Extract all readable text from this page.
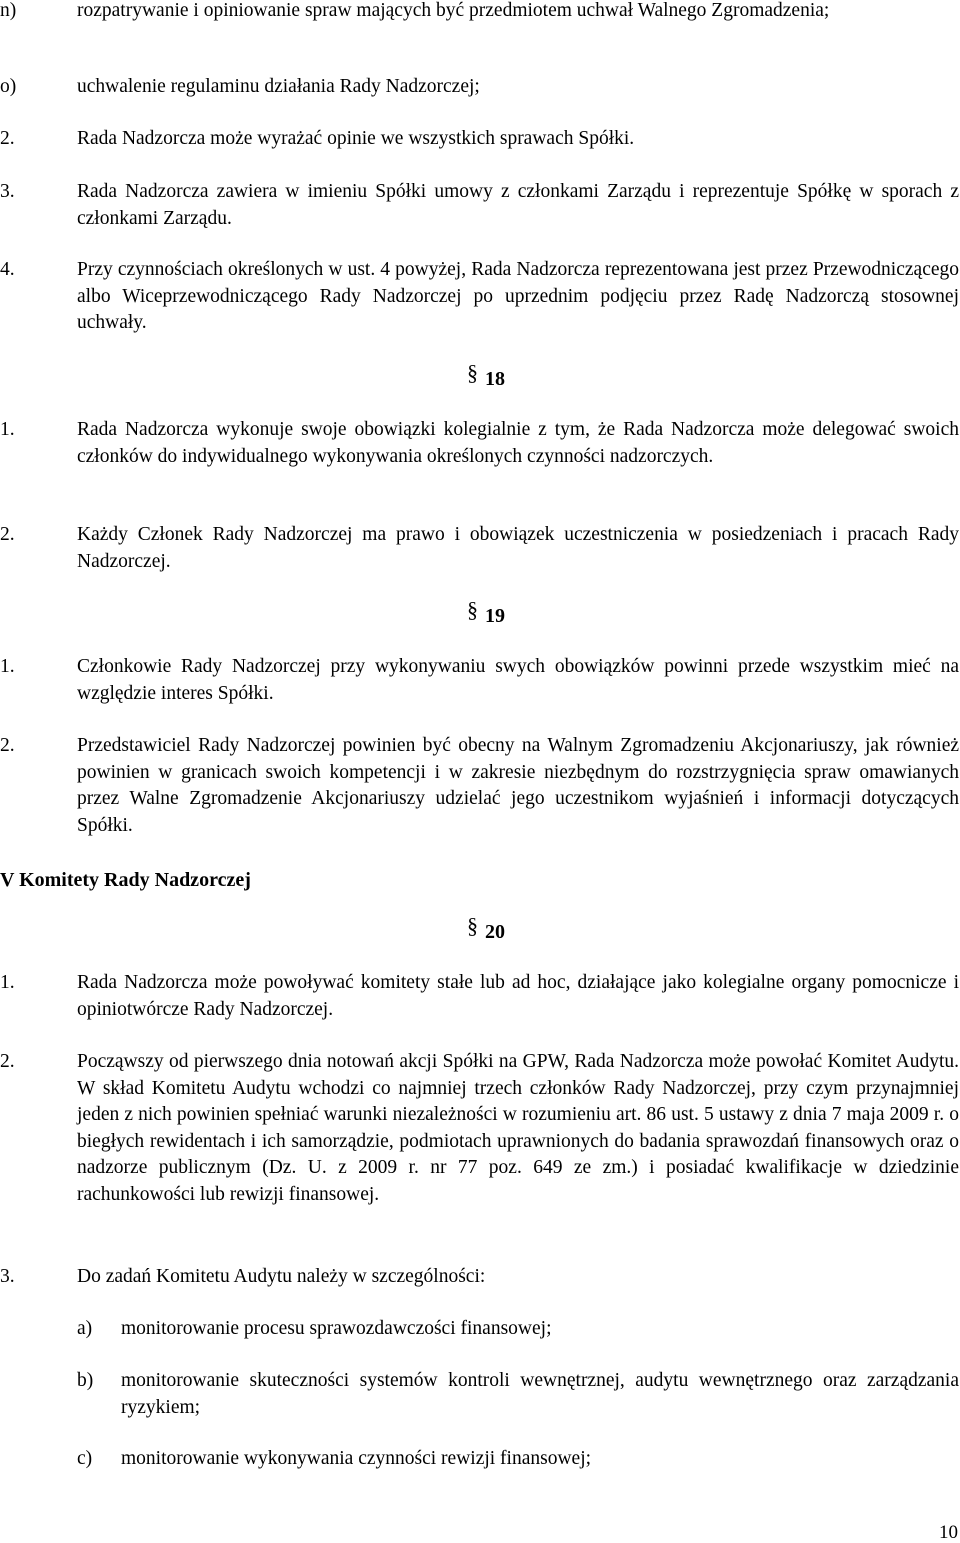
n)	rozpatrywanie i opiniowanie spraw mających być przedmiotem uchwał Walnego Zgromadzenia;
o)	uchwalenie regulaminu działania Rady Nadzorczej;
2.	Rada Nadzorcza może wyrażać opinie we wszystkich sprawach Spółki.
3.	Rada Nadzorcza zawiera w imieniu Spółki umowy z członkami Zarządu i reprezentuje Spółkę w sporach z członkami Zarządu.
4.	Przy czynnościach określonych w ust. 4 powyżej, Rada Nadzorcza reprezentowana jest przez Przewodniczącego albo Wiceprzewodniczącego Rady Nadzorczej po uprzednim podjęciu przez Radę Nadzorczą stosownej uchwały.
§ 18
1.	Rada Nadzorcza wykonuje swoje obowiązki kolegialnie z tym, że Rada Nadzorcza może delegować swoich członków do indywidualnego wykonywania określonych czynności nadzorczych.
2.	Każdy Członek Rady Nadzorczej ma prawo i obowiązek uczestniczenia w posiedzeniach i pracach Rady Nadzorczej.
§ 19
1.	Członkowie Rady Nadzorczej przy wykonywaniu swych obowiązków powinni przede wszystkim mieć na względzie interes Spółki.
2.	Przedstawiciel Rady Nadzorczej powinien być obecny na Walnym Zgromadzeniu Akcjonariuszy, jak również powinien w granicach swoich kompetencji i w zakresie niezbędnym do rozstrzygnięcia spraw omawianych przez Walne Zgromadzenie Akcjonariuszy udzielać jego uczestnikom wyjaśnień i informacji dotyczących Spółki.
V Komitety Rady Nadzorczej
§ 20
1.	Rada Nadzorcza może powoływać komitety stałe lub ad hoc, działające jako kolegialne organy pomocnicze i opiniotwórcze Rady Nadzorczej.
2.	Począwszy od pierwszego dnia notowań akcji Spółki na GPW, Rada Nadzorcza może powołać Komitet Audytu. W skład Komitetu Audytu wchodzi co najmniej trzech członków Rady Nadzorczej, przy czym przynajmniej jeden z nich powinien spełniać warunki niezależności w rozumieniu art. 86 ust. 5 ustawy z dnia 7 maja 2009 r. o biegłych rewidentach i ich samorządzie, podmiotach uprawnionych do badania sprawozdań finansowych oraz o nadzorze publicznym (Dz. U. z 2009 r. nr 77 poz. 649 ze zm.) i posiadać kwalifikacje w dziedzinie rachunkowości lub rewizji finansowej.
3.	Do zadań Komitetu Audytu należy w szczególności:
a) monitorowanie procesu sprawozdawczości finansowej;
b) monitorowanie skuteczności systemów kontroli wewnętrznej, audytu wewnętrznego oraz zarządzania ryzykiem;
c) monitorowanie wykonywania czynności rewizji finansowej;
10
